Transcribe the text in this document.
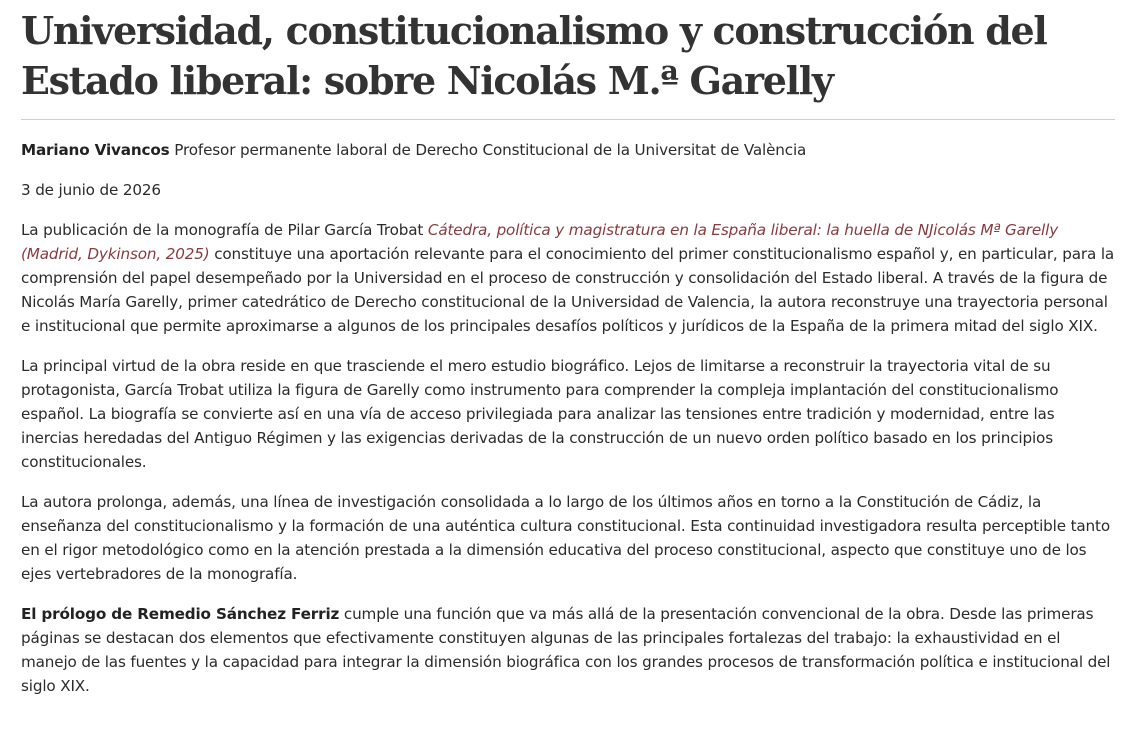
Universidad, constitucionalismo y construcción del Estado liberal: sobre Nicolás M.ª Garelly

Mariano Vivancos Profesor permanente laboral de Derecho Constitucional de la Universitat de València

3 de junio de 2026

La publicación de la monografía de Pilar García Trobat Cátedra, política y magistratura en la España liberal: la huella de NJicolás Mª Garelly (Madrid, Dykinson, 2025) constituye una aportación relevante para el conocimiento del primer constitucionalismo español y, en particular, para la comprensión del papel desempeñado por la Universidad en el proceso de construcción y consolidación del Estado liberal. A través de la figura de Nicolás María Garelly, primer catedrático de Derecho constitucional de la Universidad de Valencia, la autora reconstruye una trayectoria personal e institucional que permite aproximarse a algunos de los principales desafíos políticos y jurídicos de la España de la primera mitad del siglo XIX.

La principal virtud de la obra reside en que trasciende el mero estudio biográfico. Lejos de limitarse a reconstruir la trayectoria vital de su protagonista, García Trobat utiliza la figura de Garelly como instrumento para comprender la compleja implantación del constitucionalismo español. La biografía se convierte así en una vía de acceso privilegiada para analizar las tensiones entre tradición y modernidad, entre las inercias heredadas del Antiguo Régimen y las exigencias derivadas de la construcción de un nuevo orden político basado en los principios constitucionales.

La autora prolonga, además, una línea de investigación consolidada a lo largo de los últimos años en torno a la Constitución de Cádiz, la enseñanza del constitucionalismo y la formación de una auténtica cultura constitucional. Esta continuidad investigadora resulta perceptible tanto en el rigor metodológico como en la atención prestada a la dimensión educativa del proceso constitucional, aspecto que constituye uno de los ejes vertebradores de la monografía.

El prólogo de Remedio Sánchez Ferriz cumple una función que va más allá de la presentación convencional de la obra. Desde las primeras páginas se destacan dos elementos que efectivamente constituyen algunas de las principales fortalezas del trabajo: la exhaustividad en el manejo de las fuentes y la capacidad para integrar la dimensión biográfica con los grandes procesos de transformación política e institucional del siglo XIX.
